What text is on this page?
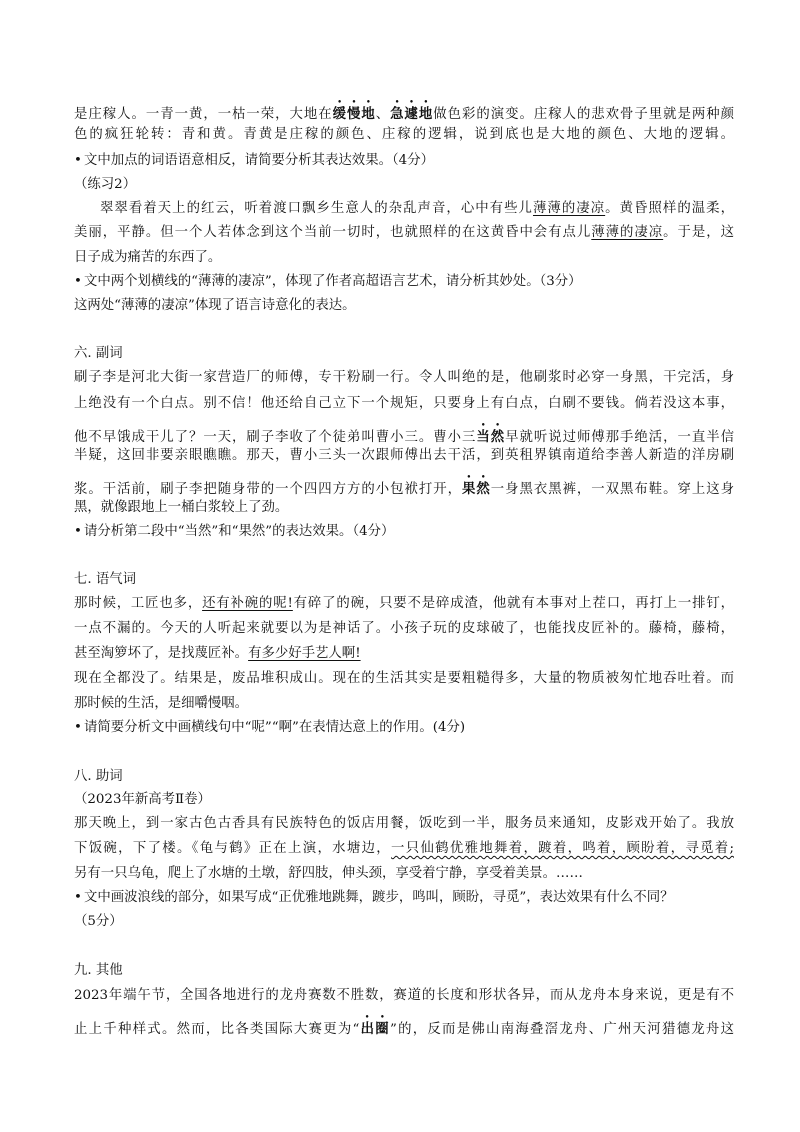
是庄稼人。一青一黄，一枯一荣，大地在缓慢地、急遽地做色彩的演变。庄稼人的悲欢骨子里就是两种颜
色的疯狂轮转：青和黄。青黄是庄稼的颜色、庄稼的逻辑，说到底也是大地的颜色、大地的逻辑。
• 文中加点的词语语意相反，请简要分析其表达效果。（4分）
（练习2）
翠翠看着天上的红云，听着渡口飘乡生意人的杂乱声音，心中有些儿薄薄的凄凉。黄昏照样的温柔，
美丽，平静。但一个人若体念到这个当前一切时，也就照样的在这黄昏中会有点儿薄薄的凄凉。于是，这
日子成为痛苦的东西了。
• 文中两个划横线的“薄薄的凄凉”，体现了作者高超语言艺术，请分析其妙处。（3分）
这两处“薄薄的凄凉”体现了语言诗意化的表达。
六. 副词
刷子李是河北大街一家营造厂的师傅，专干粉刷一行。令人叫绝的是，他刷浆时必穿一身黑，干完活，身
上绝没有一个白点。别不信！他还给自己立下一个规矩，只要身上有白点，白刷不要钱。倘若没这本事，
他不早饿成干儿了？一天，刷子李收了个徒弟叫曹小三。曹小三当然早就听说过师傅那手绝活，一直半信
半疑，这回非要亲眼瞧瞧。那天，曹小三头一次跟师傅出去干活，到英租界镇南道给李善人新造的洋房刷
浆。干活前，刷子李把随身带的一个四四方方的小包袱打开，果然一身黑衣黑裤，一双黑布鞋。穿上这身
黑，就像跟地上一桶白浆较上了劲。
• 请分析第二段中“当然”和“果然”的表达效果。（4分）
七. 语气词
那时候，工匠也多，还有补碗的呢!有碎了的碗，只要不是碎成渣，他就有本事对上茬口，再打上一排钉，
一点不漏的。今天的人听起来就要以为是神话了。小孩子玩的皮球破了，也能找皮匠补的。藤椅，藤椅，
甚至淘箩坏了，是找蔑匠补。有多少好手艺人啊!
现在全都没了。结果是，废品堆积成山。现在的生活其实是要粗糙得多，大量的物质被匆忙地吞吐着。而
那时候的生活，是细嚼慢咽。
• 请简要分析文中画横线句中“呢”“啊”在表情达意上的作用。(4分)
八. 助词
（2023年新高考Ⅱ卷）
那天晚上，到一家古色古香具有民族特色的饭店用餐，饭吃到一半，服务员来通知，皮影戏开始了。我放
下饭碗，下了楼。《龟与鹤》正在上演，水塘边，一只仙鹤优雅地舞着，踱着，鸣着，顾盼着，寻觅着;
另有一只乌龟，爬上了水塘的土墩，舒四肢，伸头颈，享受着宁静，享受着美景。……
• 文中画波浪线的部分，如果写成“正优雅地跳舞，踱步，鸣叫，顾盼，寻觅”，表达效果有什么不同？
（5分）
九. 其他
2023年端午节，全国各地进行的龙舟赛数不胜数，赛道的长度和形状各异，而从龙舟本身来说，更是有不
止上千种样式。然而，比各类国际大赛更为“出圈”的，反而是佛山南海叠滘龙舟、广州天河猎德龙舟这
